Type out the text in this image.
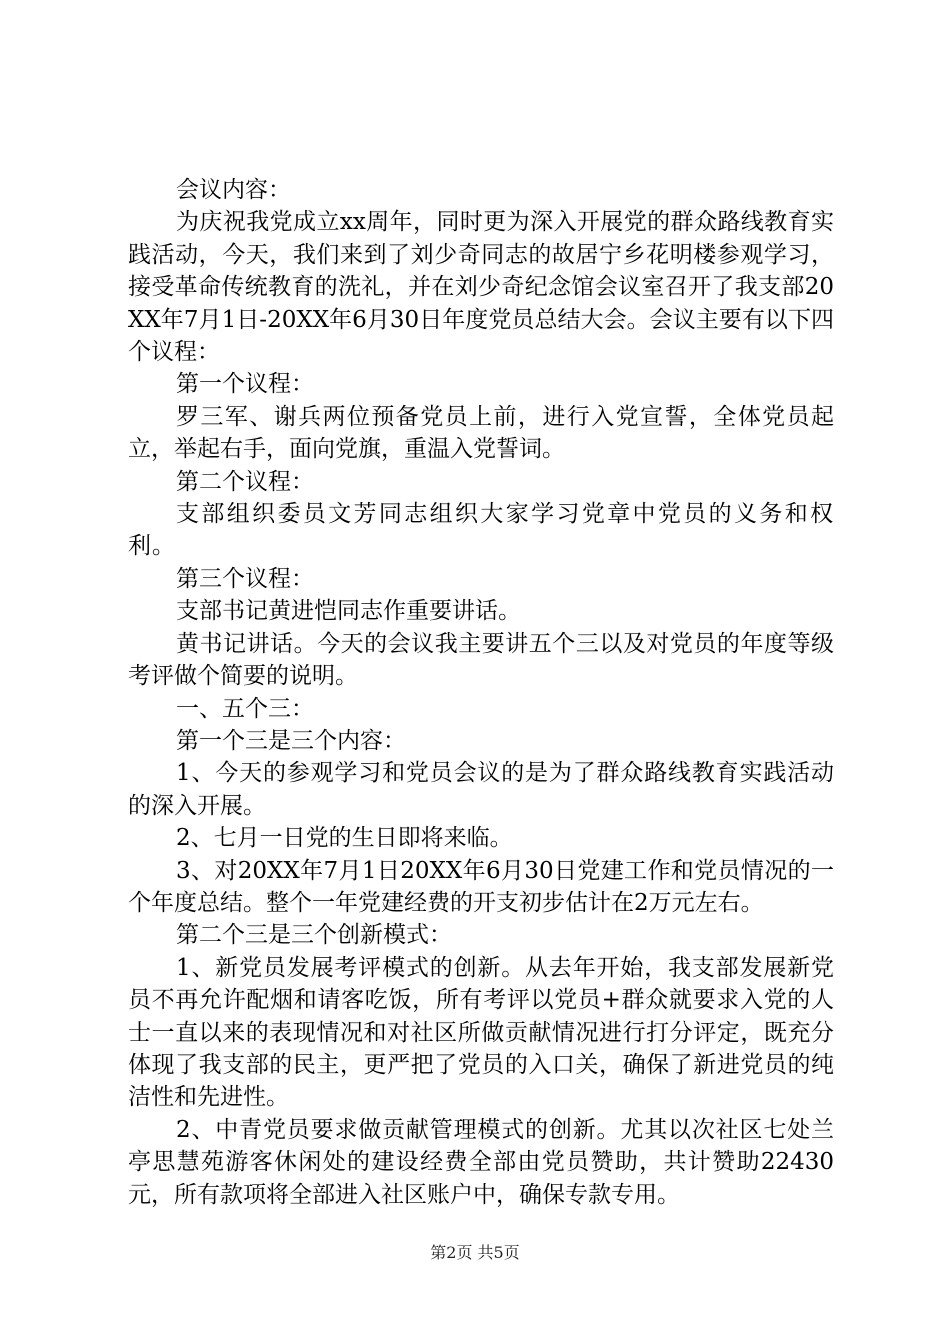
会议内容：

为庆祝我党成立xx周年，同时更为深入开展党的群众路线教育实践活动，今天，我们来到了刘少奇同志的故居宁乡花明楼参观学习，接受革命传统教育的洗礼，并在刘少奇纪念馆会议室召开了我支部20XX年7月1日-20XX年6月30日年度党员总结大会。会议主要有以下四个议程：

第一个议程：

罗三军、谢兵两位预备党员上前，进行入党宣誓，全体党员起立，举起右手，面向党旗，重温入党誓词。

第二个议程：

支部组织委员文芳同志组织大家学习党章中党员的义务和权利。

第三个议程：

支部书记黄进恺同志作重要讲话。

黄书记讲话。今天的会议我主要讲五个三以及对党员的年度等级考评做个简要的说明。

一、五个三：

第一个三是三个内容：

1、今天的参观学习和党员会议的是为了群众路线教育实践活动的深入开展。

2、七月一日党的生日即将来临。

3、对20XX年7月1日20XX年6月30日党建工作和党员情况的一个年度总结。整个一年党建经费的开支初步估计在2万元左右。

第二个三是三个创新模式：

1、新党员发展考评模式的创新。从去年开始，我支部发展新党员不再允许配烟和请客吃饭，所有考评以党员+群众就要求入党的人士一直以来的表现情况和对社区所做贡献情况进行打分评定，既充分体现了我支部的民主，更严把了党员的入口关，确保了新进党员的纯洁性和先进性。

2、中青党员要求做贡献管理模式的创新。尤其以次社区七处兰亭思慧苑游客休闲处的建设经费全部由党员赞助，共计赞助22430元，所有款项将全部进入社区账户中，确保专款专用。

第2页 共5页
